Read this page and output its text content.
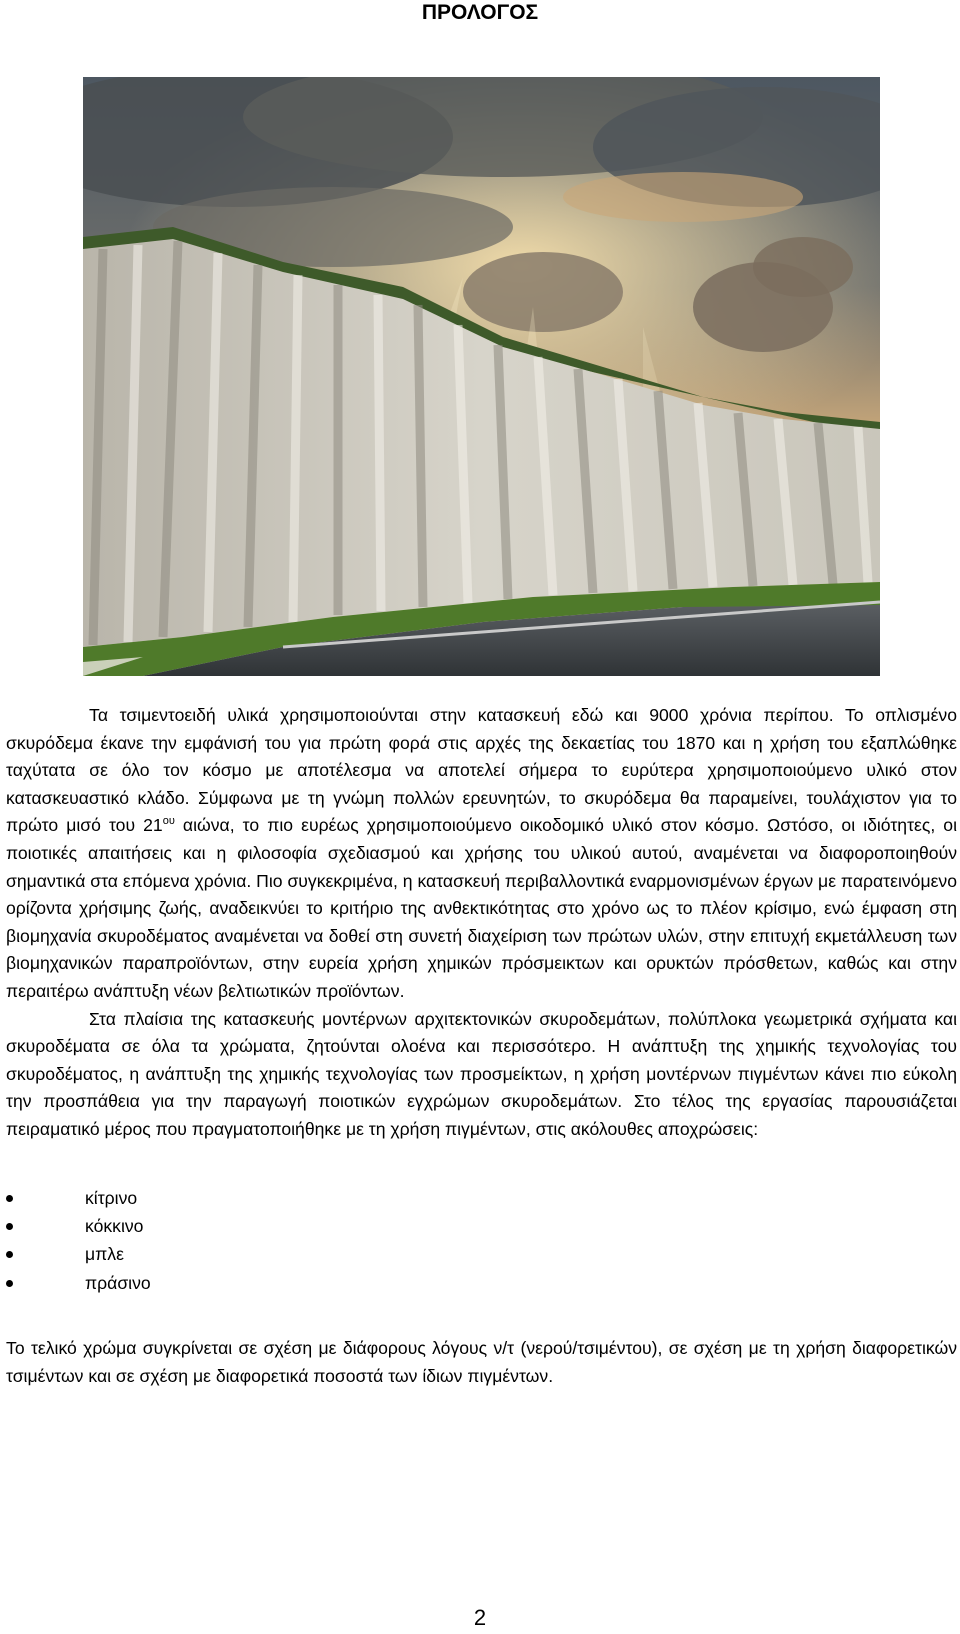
ΠΡΟΛΟΓΟΣ

Τα τσιμεντοειδή υλικά χρησιμοποιούνται στην κατασκευή εδώ και 9000 χρόνια περίπου. Το οπλισμένο σκυρόδεμα έκανε την εμφάνισή του για πρώτη φορά στις αρχές της δεκαετίας του 1870 και η χρήση του εξαπλώθηκε ταχύτατα σε όλο τον κόσμο με αποτέλεσμα να αποτελεί σήμερα το ευρύτερα χρησιμοποιούμενο υλικό στον κατασκευαστικό κλάδο. Σύμφωνα με τη γνώμη πολλών ερευνητών, το σκυρόδεμα θα παραμείνει, τουλάχιστον για το πρώτο μισό του $21^{o\upsilon}$ αιώνα, το πιο ευρέως χρησιμοποιούμενο οικοδομικό υλικό στον κόσμο. Ωστόσο, οι ιδιότητες, οι ποιοτικές απαιτήσεις και η φιλοσοφία σχεδιασμού και χρήσης του υλικού αυτού, αναμένεται να διαφοροποιηθούν σημαντικά στα επόμενα χρόνια. Πιο συγκεκριμένα, η κατασκευή περιβαλλοντικά εναρμονισμένων έργων με παρατεινόμενο ορίζοντα χρήσιμης ζωής, αναδεικνύει το κριτήριο της ανθεκτικότητας στο χρόνο ως το πλέον κρίσιμο, ενώ έμφαση στη βιομηχανία σκυροδέματος αναμένεται να δοθεί στη συνετή διαχείριση των πρώτων υλών, στην επιτυχή εκμετάλλευση των βιομηχανικών παραπροϊόντων, στην ευρεία χρήση χημικών πρόσμεικτων και ορυκτών πρόσθετων, καθώς και στην περαιτέρω ανάπτυξη νέων βελτιωτικών προϊόντων.

Στα πλαίσια της κατασκευής μοντέρνων αρχιτεκτονικών σκυροδεμάτων, πολύπλοκα γεωμετρικά σχήματα και σκυροδέματα σε όλα τα χρώματα, ζητούνται ολοένα και περισσότερο. Η ανάπτυξη της χημικής τεχνολογίας του σκυροδέματος, η ανάπτυξη της χημικής τεχνολογίας των προσμείκτων, η χρήση μοντέρνων πιγμέντων κάνει πιο εύκολη την προσπάθεια για την παραγωγή ποιοτικών εγχρώμων σκυροδεμάτων. Στο τέλος της εργασίας παρουσιάζεται πειραματικό μέρος που πραγματοποιήθηκε με τη χρήση πιγμέντων, στις ακόλουθες αποχρώσεις:

κίτρινο
κόκκινο
μπλε
πράσινο

Το τελικό χρώμα συγκρίνεται σε σχέση με διάφορους λόγους ν/τ (νερού/τσιμέντου), σε σχέση με τη χρήση διαφορετικών τσιμέντων και σε σχέση με διαφορετικά ποσοστά των ίδιων πιγμέντων.

2
